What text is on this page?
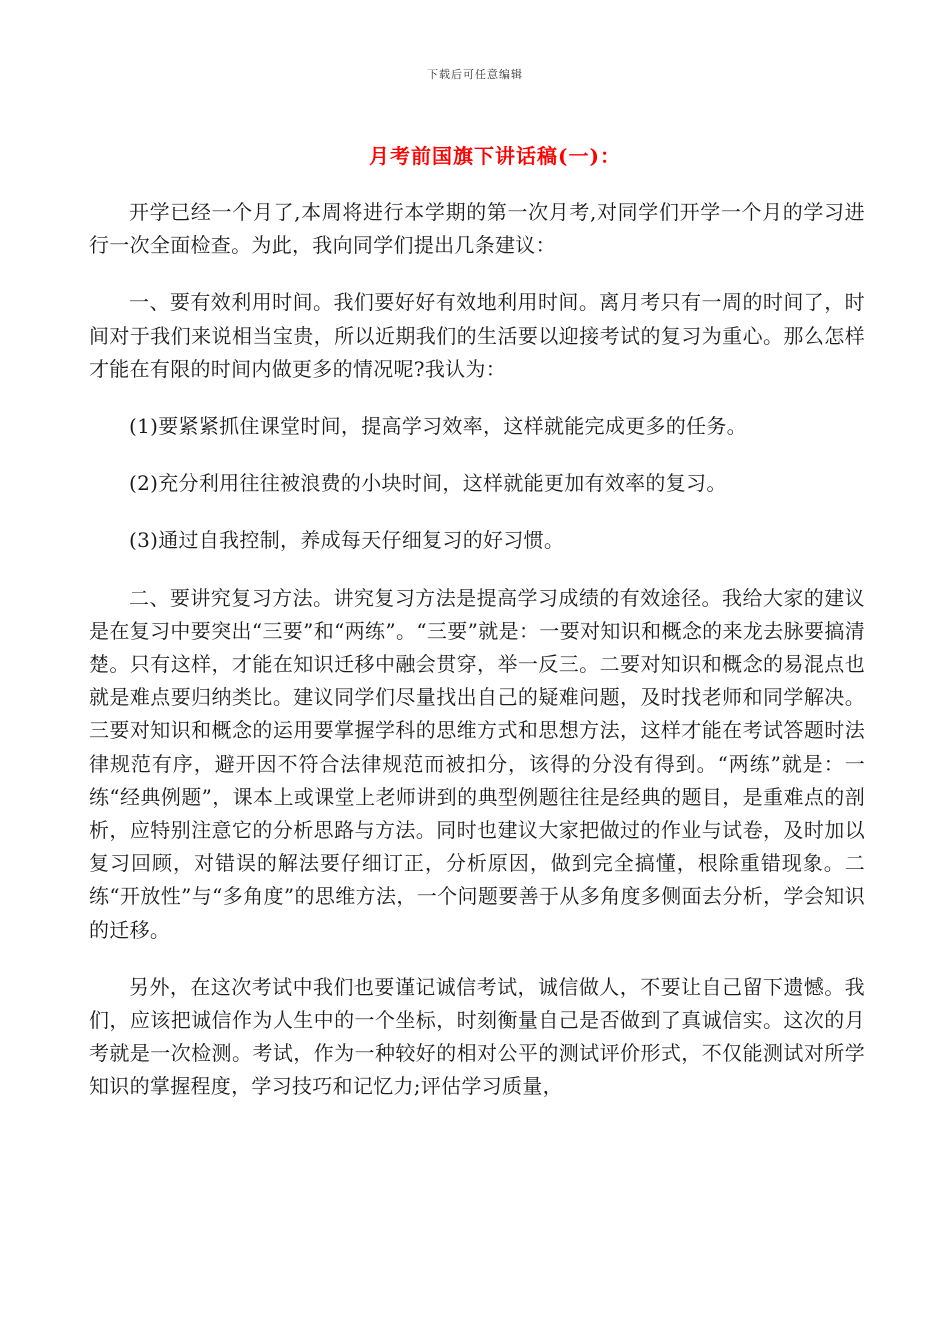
下载后可任意编辑
月考前国旗下讲话稿(一)：

开学已经一个月了,本周将进行本学期的第一次月考,对同学们开学一个月的学习进行一次全面检查。为此，我向同学们提出几条建议：

一、要有效利用时间。我们要好好有效地利用时间。离月考只有一周的时间了，时间对于我们来说相当宝贵，所以近期我们的生活要以迎接考试的复习为重心。那么怎样才能在有限的时间内做更多的情况呢?我认为：

(1)要紧紧抓住课堂时间，提高学习效率，这样就能完成更多的任务。

(2)充分利用往往被浪费的小块时间，这样就能更加有效率的复习。

(3)通过自我控制，养成每天仔细复习的好习惯。

二、要讲究复习方法。讲究复习方法是提高学习成绩的有效途径。我给大家的建议是在复习中要突出“三要”和“两练”。“三要”就是：一要对知识和概念的来龙去脉要搞清楚。只有这样，才能在知识迁移中融会贯穿，举一反三。二要对知识和概念的易混点也就是难点要归纳类比。建议同学们尽量找出自己的疑难问题，及时找老师和同学解决。三要对知识和概念的运用要掌握学科的思维方式和思想方法，这样才能在考试答题时法律规范有序，避开因不符合法律规范而被扣分，该得的分没有得到。“两练”就是：一练“经典例题”，课本上或课堂上老师讲到的典型例题往往是经典的题目，是重难点的剖析，应特别注意它的分析思路与方法。同时也建议大家把做过的作业与试卷，及时加以复习回顾，对错误的解法要仔细订正，分析原因，做到完全搞懂，根除重错现象。二练“开放性”与“多角度”的思维方法，一个问题要善于从多角度多侧面去分析，学会知识的迁移。

另外，在这次考试中我们也要谨记诚信考试，诚信做人，不要让自己留下遗憾。我们，应该把诚信作为人生中的一个坐标，时刻衡量自己是否做到了真诚信实。这次的月考就是一次检测。考试，作为一种较好的相对公平的测试评价形式，不仅能测试对所学知识的掌握程度，学习技巧和记忆力;评估学习质量，
